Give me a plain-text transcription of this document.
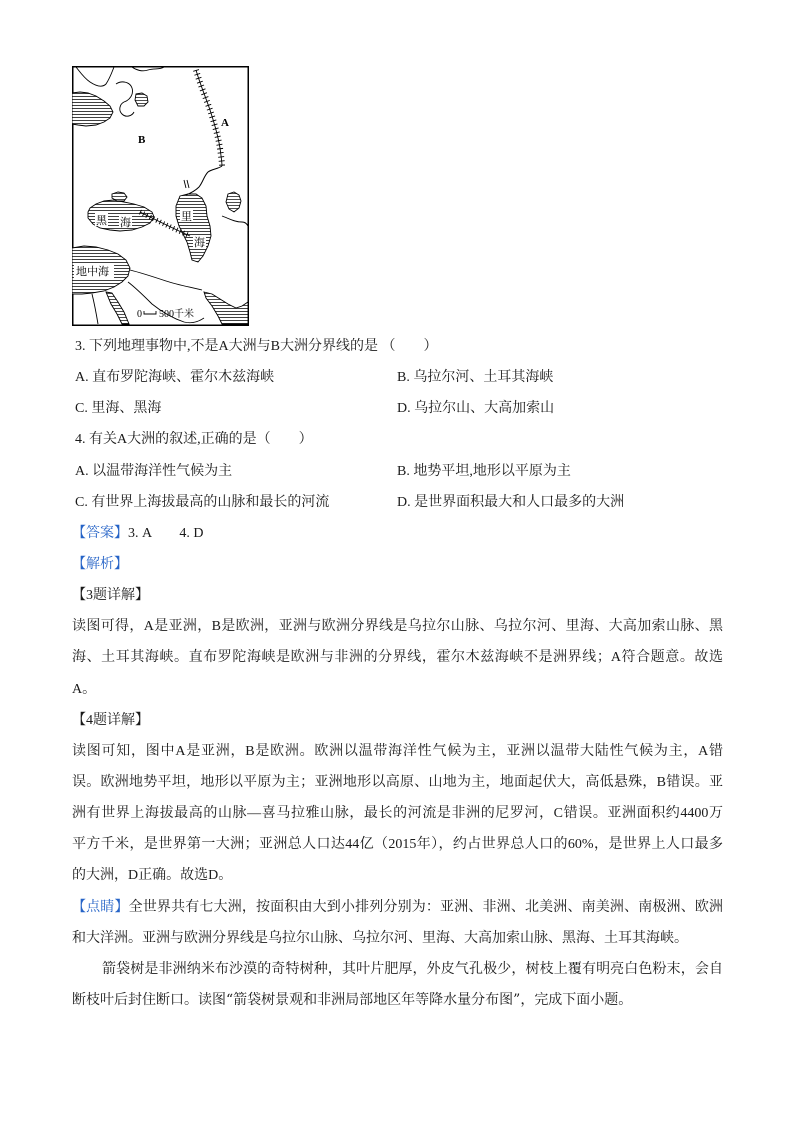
A
B
黑 海	里
海
地中海
0 500千米
3. 下列地理事物中,不是A大洲与B大洲分界线的是 （　　）
A. 直布罗陀海峡、霍尔木兹海峡	B. 乌拉尔河、土耳其海峡
C. 里海、黑海	D. 乌拉尔山、大高加索山
4. 有关A大洲的叙述,正确的是（　　）
A. 以温带海洋性气候为主	B. 地势平坦,地形以平原为主
C. 有世界上海拔最高的山脉和最长的河流	D. 是世界面积最大和人口最多的大洲
【答案】3. A　　4. D
【解析】
【3题详解】
读图可得，A是亚洲，B是欧洲，亚洲与欧洲分界线是乌拉尔山脉、乌拉尔河、里海、大高加索山脉、黑
海、土耳其海峡。直布罗陀海峡是欧洲与非洲的分界线，霍尔木兹海峡不是洲界线；A符合题意。故选
A。
【4题详解】
读图可知，图中A是亚洲，B是欧洲。欧洲以温带海洋性气候为主，亚洲以温带大陆性气候为主，A错
误。欧洲地势平坦，地形以平原为主；亚洲地形以高原、山地为主，地面起伏大，高低悬殊，B错误。亚
洲有世界上海拔最高的山脉—喜马拉雅山脉，最长的河流是非洲的尼罗河，C错误。亚洲面积约4400万
平方千米，是世界第一大洲；亚洲总人口达44亿（2015年），约占世界总人口的60%，是世界上人口最多
的大洲，D正确。故选D。
【点睛】全世界共有七大洲，按面积由大到小排列分别为：亚洲、非洲、北美洲、南美洲、南极洲、欧洲
和大洋洲。亚洲与欧洲分界线是乌拉尔山脉、乌拉尔河、里海、大高加索山脉、黑海、土耳其海峡。
箭袋树是非洲纳米布沙漠的奇特树种，其叶片肥厚，外皮气孔极少，树枝上覆有明亮白色粉末，会自
断枝叶后封住断口。读图“箭袋树景观和非洲局部地区年等降水量分布图”，完成下面小题。
